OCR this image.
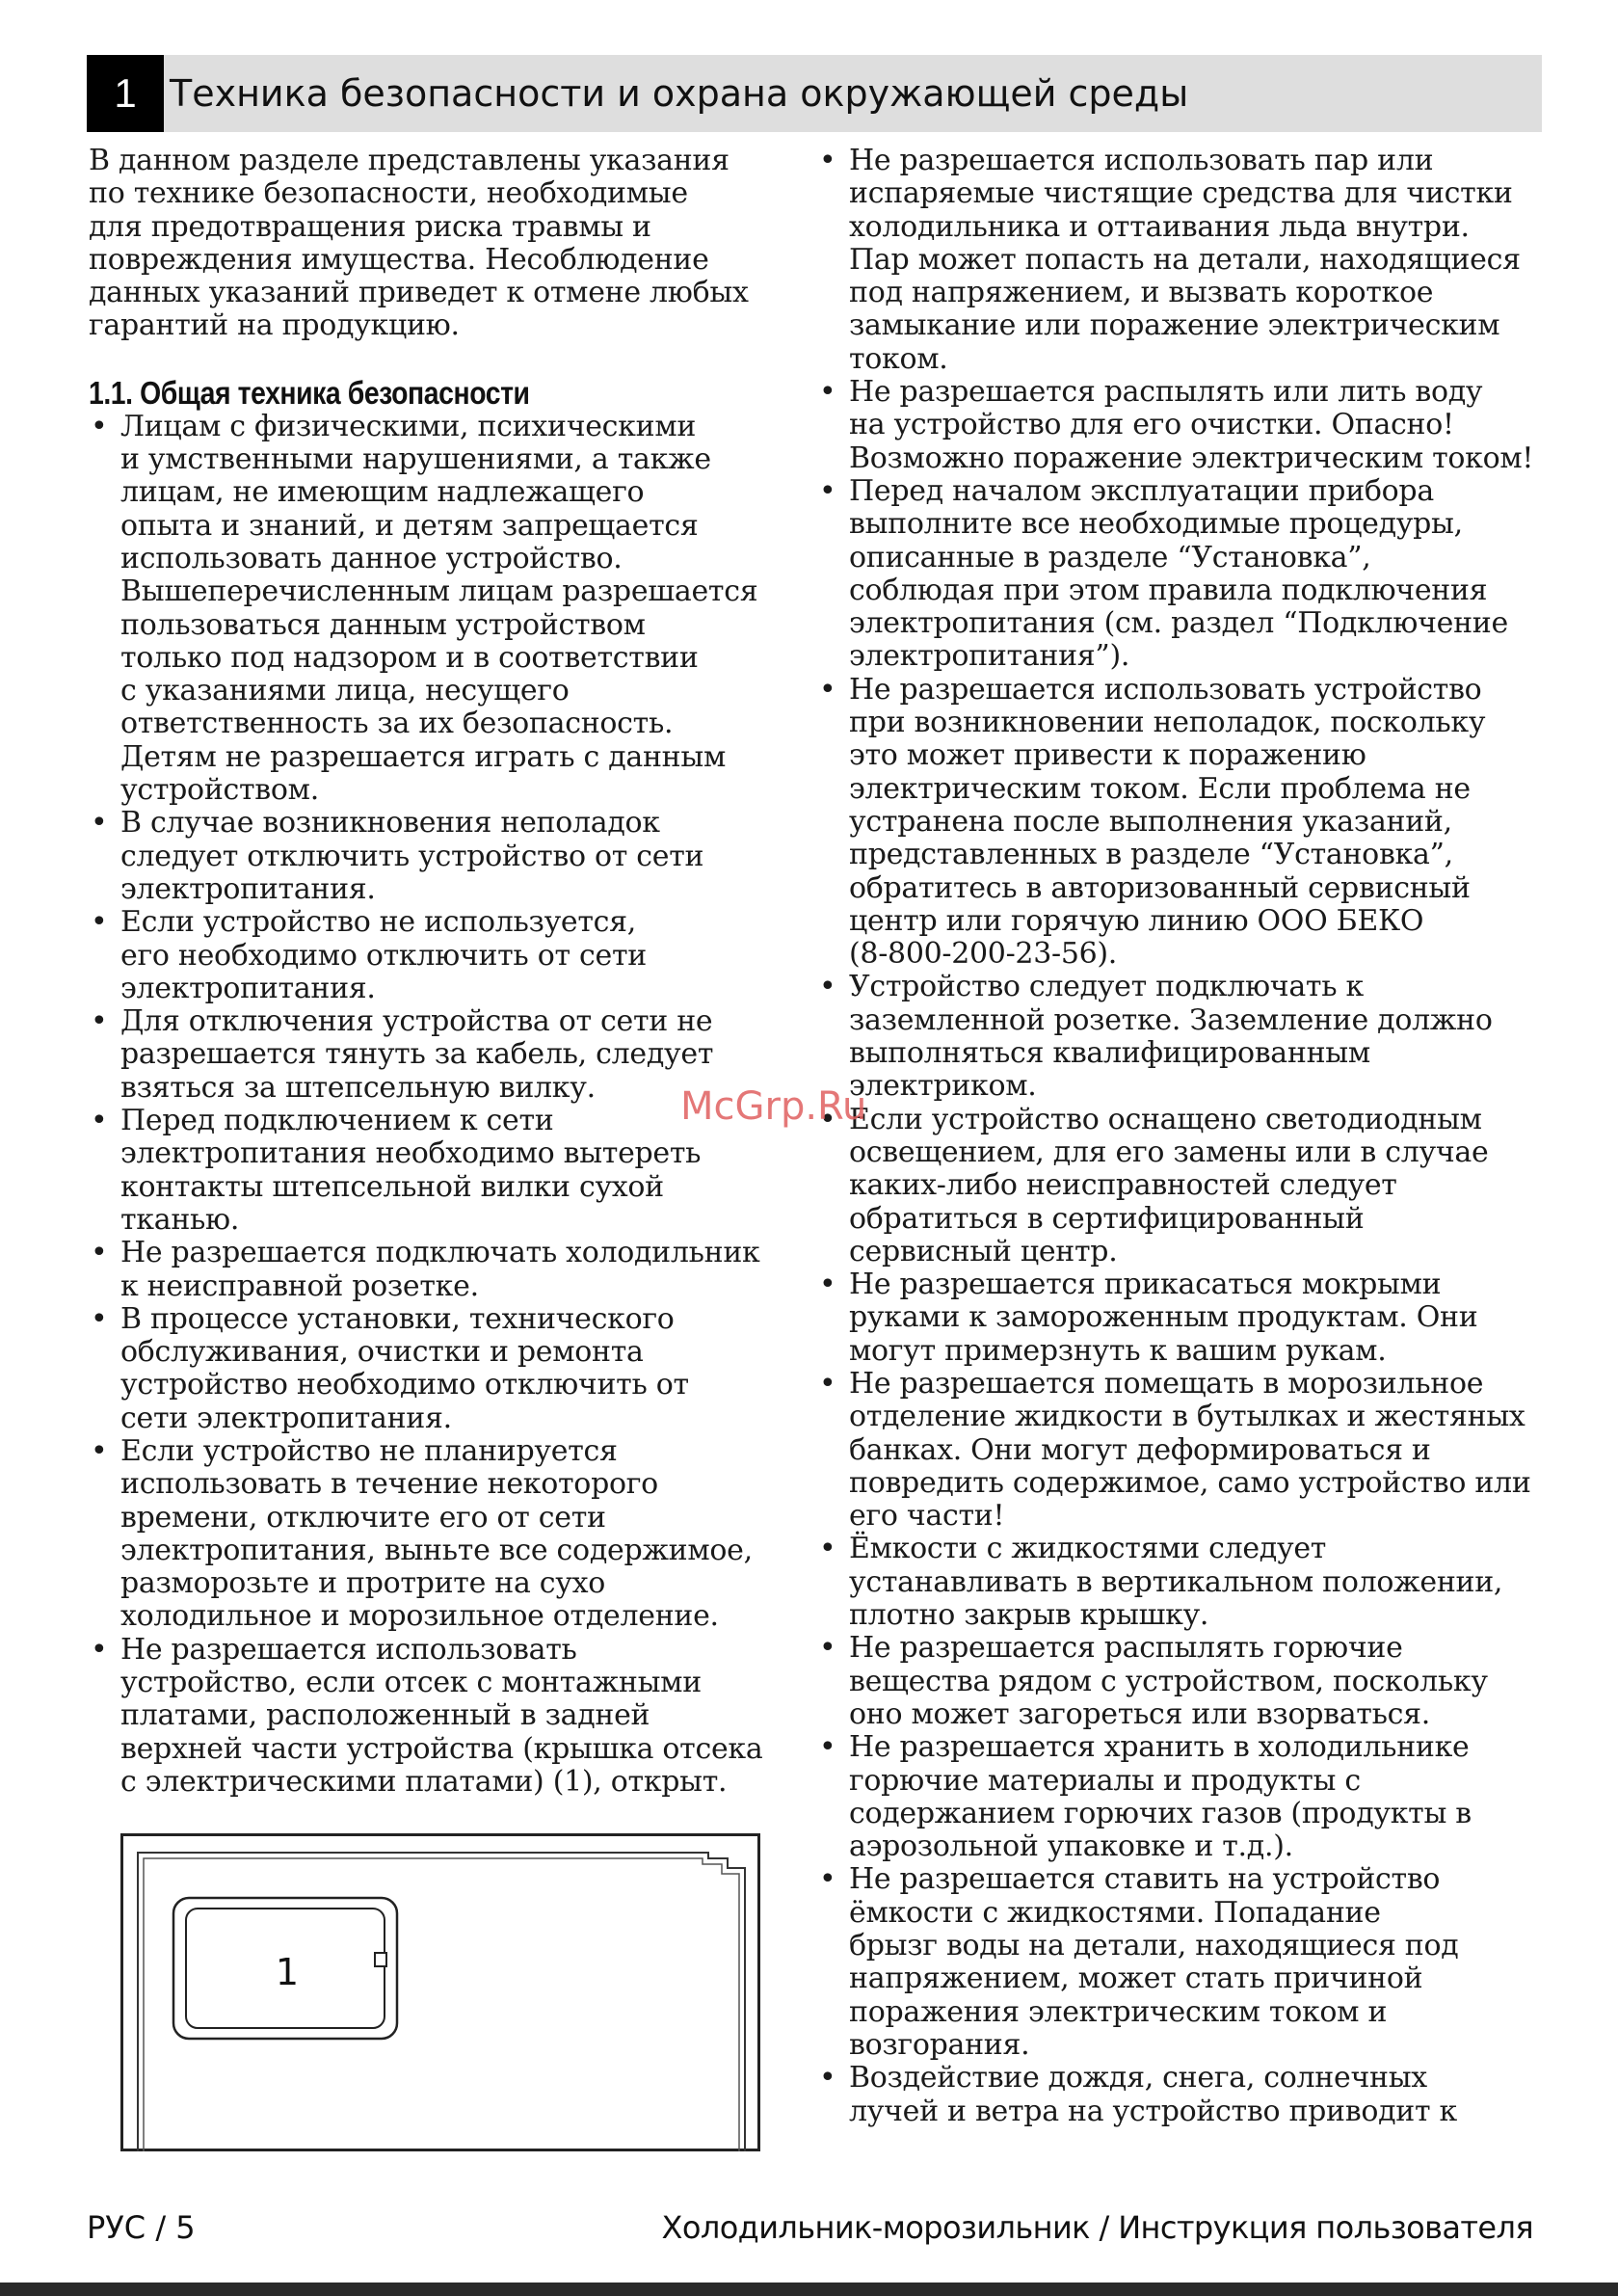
1 Техника безопасности и охрана окружающей среды

В данном разделе представлены указания
по технике безопасности, необходимые
для предотвращения риска травмы и
повреждения имущества. Несоблюдение
данных указаний приведет к отмене любых
гарантий на продукцию.

1.1. Общая техника безопасности
• Лицам с физическими, психическими
и умственными нарушениями, а также
лицам, не имеющим надлежащего
опыта и знаний, и детям запрещается
использовать данное устройство.
Вышеперечисленным лицам разрешается
пользоваться данным устройством
только под надзором и в соответствии
с указаниями лица, несущего
ответственность за их безопасность.
Детям не разрешается играть с данным
устройством.
• В случае возникновения неполадок
следует отключить устройство от сети
электропитания.
• Если устройство не используется,
его необходимо отключить от сети
электропитания.
• Для отключения устройства от сети не
разрешается тянуть за кабель, следует
взяться за штепсельную вилку.
• Перед подключением к сети
электропитания необходимо вытереть
контакты штепсельной вилки сухой
тканью.
• Не разрешается подключать холодильник
к неисправной розетке.
• В процессе установки, технического
обслуживания, очистки и ремонта
устройство необходимо отключить от
сети электропитания.
• Если устройство не планируется
использовать в течение некоторого
времени, отключите его от сети
электропитания, выньте все содержимое,
разморозьте и протрите на сухо
холодильное и морозильное отделение.
• Не разрешается использовать
устройство, если отсек с монтажными
платами, расположенный в задней
верхней части устройства (крышка отсека
с электрическими платами) (1), открыт.
1
• Не разрешается использовать пар или
испаряемые чистящие средства для чистки
холодильника и оттаивания льда внутри.
Пар может попасть на детали, находящиеся
под напряжением, и вызвать короткое
замыкание или поражение электрическим
током.
• Не разрешается распылять или лить воду
на устройство для его очистки. Опасно!
Возможно поражение электрическим током!
• Перед началом эксплуатации прибора
выполните все необходимые процедуры,
описанные в разделе “Установка”,
соблюдая при этом правила подключения
электропитания (см. раздел “Подключение
электропитания”).
• Не разрешается использовать устройство
при возникновении неполадок, поскольку
это может привести к поражению
электрическим током. Если проблема не
устранена после выполнения указаний,
представленных в разделе “Установка”,
обратитесь в авторизованный сервисный
центр или горячую линию ООО БЕКО
(8-800-200-23-56).
• Устройство следует подключать к
заземленной розетке. Заземление должно
выполняться квалифицированным
электриком.
• Если устройство оснащено светодиодным
освещением, для его замены или в случае
каких-либо неисправностей следует
обратиться в сертифицированный
сервисный центр.
• Не разрешается прикасаться мокрыми
руками к замороженным продуктам. Они
могут примерзнуть к вашим рукам.
• Не разрешается помещать в морозильное
отделение жидкости в бутылках и жестяных
банках. Они могут деформироваться и
повредить содержимое, само устройство или
его части!
• Ёмкости с жидкостями следует
устанавливать в вертикальном положении,
плотно закрыв крышку.
• Не разрешается распылять горючие
вещества рядом с устройством, поскольку
оно может загореться или взорваться.
• Не разрешается хранить в холодильнике
горючие материалы и продукты с
содержанием горючих газов (продукты в
аэрозольной упаковке и т.д.).
• Не разрешается ставить на устройство
ёмкости с жидкостями. Попадание
брызг воды на детали, находящиеся под
напряжением, может стать причиной
поражения электрическим током и
возгорания.
• Воздействие дождя, снега, солнечных
лучей и ветра на устройство приводит к
McGrp.Ru
РУС / 5	Холодильник-морозильник / Инструкция пользователя
